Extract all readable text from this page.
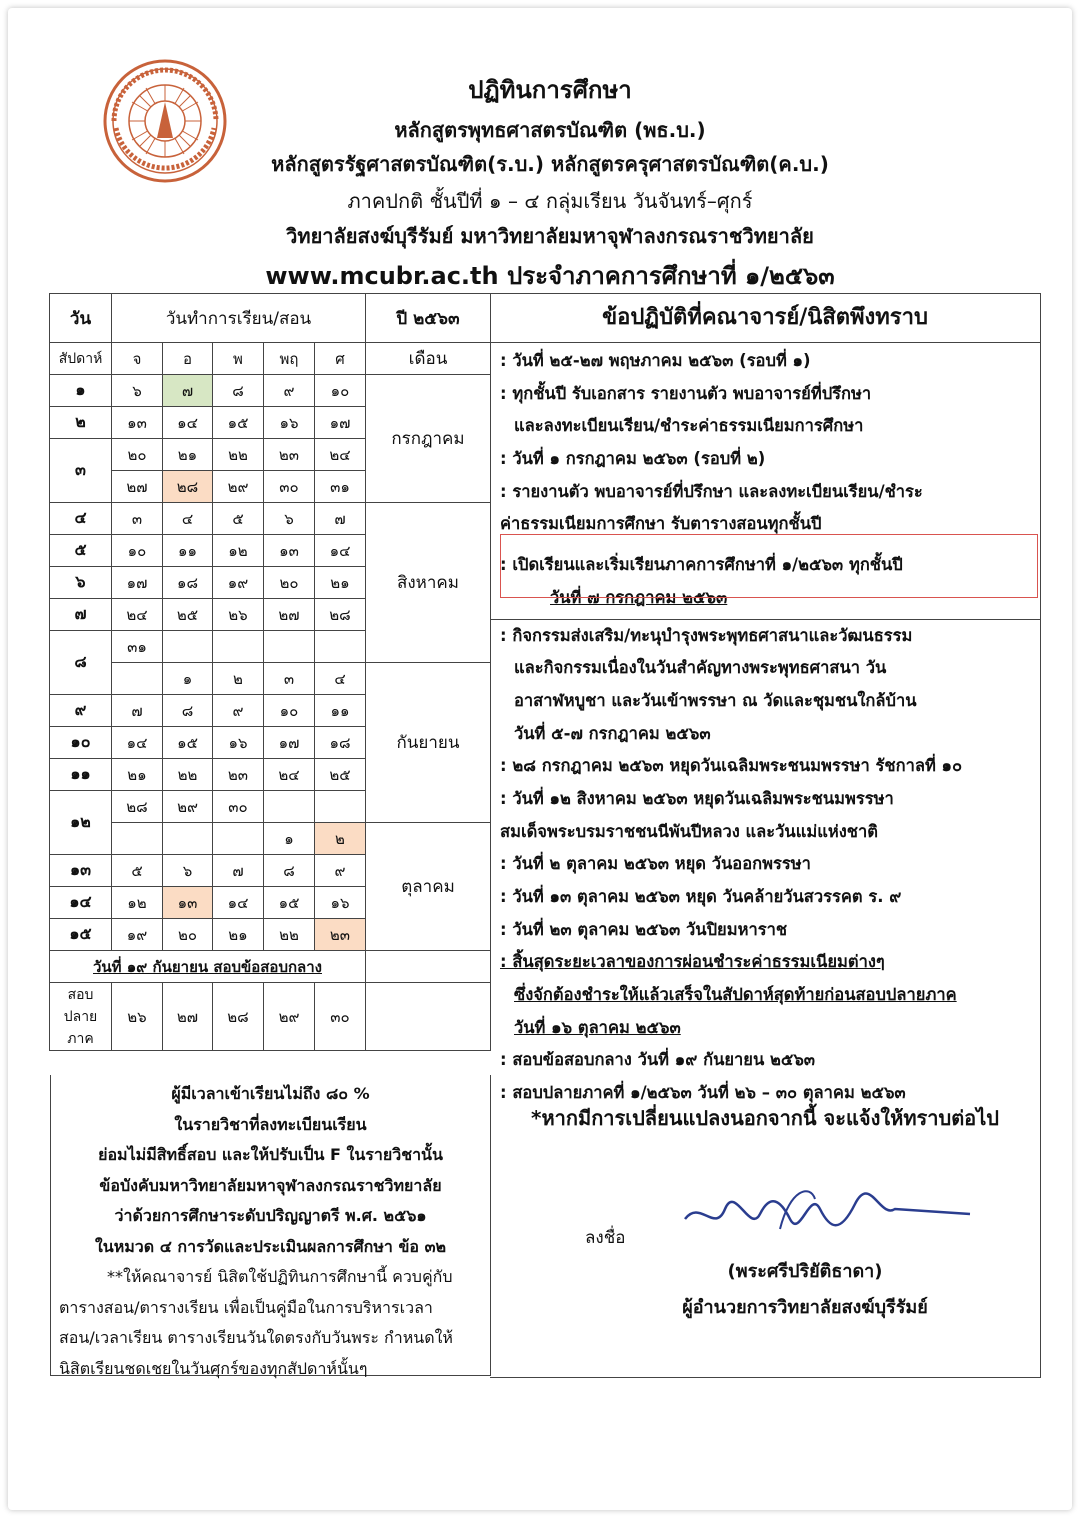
ปฏิทินการศึกษา
หลักสูตรพุทธศาสตรบัณฑิต (พธ.บ.)
หลักสูตรรัฐศาสตรบัณฑิต(ร.บ.) หลักสูตรครุศาสตรบัณฑิต(ค.บ.)
ภาคปกติ ชั้นปีที่ ๑ – ๔ กลุ่มเรียน วันจันทร์–ศุกร์
วิทยาลัยสงฆ์บุรีรัมย์ มหาวิทยาลัยมหาจุฬาลงกรณราชวิทยาลัย
www.mcubr.ac.th ประจำภาคการศึกษาที่ ๑/๒๕๖๓
วัน	วันทำการเรียน/สอน					ปี ๒๕๖๓
สัปดาห์	จ	อ	พ	พฤ	ศ	เดือน
๑	๖	๗	๘	๙	๑๐	กรกฎาคม
๒	๑๓	๑๔	๑๕	๑๖	๑๗	
๓	๒๐	๒๑	๒๒	๒๓	๒๔	
	๒๗	๒๘	๒๙	๓๐	๓๑	
๔	๓	๔	๕	๖	๗	สิงหาคม
๕	๑๐	๑๑	๑๒	๑๓	๑๔	
๖	๑๗	๑๘	๑๙	๒๐	๒๑	
๗	๒๔	๒๕	๒๖	๒๗	๒๘	
๘	๓๑					
		๑	๒	๓	๔	กันยายน
๙	๗	๘	๙	๑๐	๑๑	
๑๐	๑๔	๑๕	๑๖	๑๗	๑๘	
๑๑	๒๑	๒๒	๒๓	๒๔	๒๕	
๑๒	๒๘	๒๙	๓๐			
				๑	๒	ตุลาคม
๑๓	๕	๖	๗	๘	๙	
๑๔	๑๒	๑๓	๑๔	๑๕	๑๖	
๑๕	๑๙	๒๐	๒๑	๒๒	๒๓	
วันที่ ๑๙ กันยายน สอบข้อสอบกลาง						

สอบ
ปลาย
ภาค	๒๖	๒๗	๒๘	๒๙	๓๐	
ผู้มีเวลาเข้าเรียนไม่ถึง ๘๐ %
ในรายวิชาที่ลงทะเบียนเรียน
ย่อมไม่มีสิทธิ์สอบ และให้ปรับเป็น F ในรายวิชานั้น
ข้อบังคับมหาวิทยาลัยมหาจุฬาลงกรณราชวิทยาลัย
ว่าด้วยการศึกษาระดับปริญญาตรี พ.ศ. ๒๕๖๑
ในหมวด ๔ การวัดและประเมินผลการศึกษา ข้อ ๓๒
**ให้คณาจารย์ นิสิตใช้ปฏิทินการศึกษานี้ ควบคู่กับ
ตารางสอน/ตารางเรียน เพื่อเป็นคู่มือในการบริหารเวลา
สอน/เวลาเรียน ตารางเรียนวันใดตรงกับวันพระ กำหนดให้
นิสิตเรียนชดเชยในวันศุกร์ของทุกสัปดาห์นั้นๆ
ข้อปฏิบัติที่คณาจารย์/นิสิตพึงทราบ
: วันที่ ๒๕-๒๗ พฤษภาคม ๒๕๖๓ (รอบที่ ๑)
: ทุกชั้นปี รับเอกสาร รายงานตัว พบอาจารย์ที่ปรึกษา
และลงทะเบียนเรียน/ชำระค่าธรรมเนียมการศึกษา
: วันที่ ๑ กรกฎาคม ๒๕๖๓ (รอบที่ ๒)
: รายงานตัว พบอาจารย์ที่ปรึกษา และลงทะเบียนเรียน/ชำระ
ค่าธรรมเนียมการศึกษา รับตารางสอนทุกชั้นปี
: เปิดเรียนและเริ่มเรียนภาคการศึกษาที่ ๑/๒๕๖๓ ทุกชั้นปี
วันที่ ๗ กรกฎาคม ๒๕๖๓
: กิจกรรมส่งเสริม/ทะนุบำรุงพระพุทธศาสนาและวัฒนธรรม
และกิจกรรมเนื่องในวันสำคัญทางพระพุทธศาสนา วัน
อาสาฬหบูชา และวันเข้าพรรษา ณ วัดและชุมชนใกล้บ้าน
วันที่ ๕-๗ กรกฎาคม ๒๕๖๓
: ๒๘ กรกฎาคม ๒๕๖๓ หยุดวันเฉลิมพระชนมพรรษา รัชกาลที่ ๑๐
: วันที่ ๑๒ สิงหาคม ๒๕๖๓ หยุดวันเฉลิมพระชนมพรรษา
สมเด็จพระบรมราชชนนีพันปีหลวง และวันแม่แห่งชาติ
: วันที่ ๒ ตุลาคม ๒๕๖๓ หยุด วันออกพรรษา
: วันที่ ๑๓ ตุลาคม ๒๕๖๓ หยุด วันคล้ายวันสวรรคต ร. ๙
: วันที่ ๒๓ ตุลาคม ๒๕๖๓ วันปิยมหาราช
: สิ้นสุดระยะเวลาของการผ่อนชำระค่าธรรมเนียมต่างๆ
ซึ่งจักต้องชำระให้แล้วเสร็จในสัปดาห์สุดท้ายก่อนสอบปลายภาค
วันที่ ๑๖ ตุลาคม ๒๕๖๓
: สอบข้อสอบกลาง วันที่ ๑๙ กันยายน ๒๕๖๓
: สอบปลายภาคที่ ๑/๒๕๖๓ วันที่ ๒๖ – ๓๐ ตุลาคม ๒๕๖๓
*หากมีการเปลี่ยนแปลงนอกจากนี้ จะแจ้งให้ทราบต่อไป
ลงชื่อ
(พระศรีปริยัติธาดา)
ผู้อำนวยการวิทยาลัยสงฆ์บุรีรัมย์
